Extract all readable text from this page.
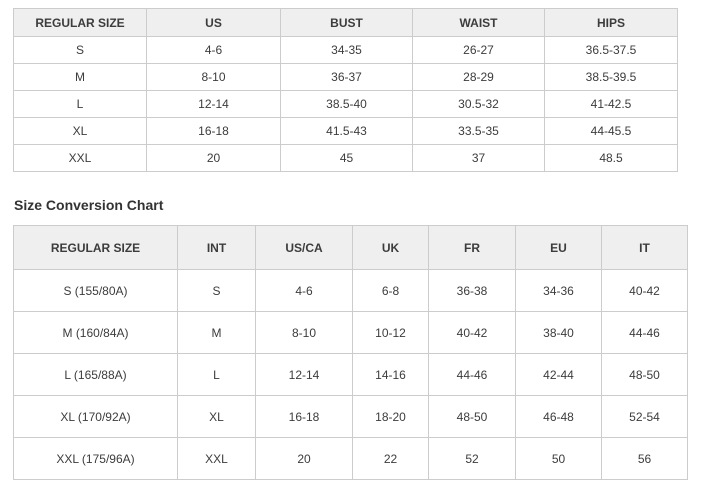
REGULAR SIZE	US	BUST	WAIST	HIPS
S	4-6	34-35	26-27	36.5-37.5
M	8-10	36-37	28-29	38.5-39.5
L	12-14	38.5-40	30.5-32	41-42.5
XL	16-18	41.5-43	33.5-35	44-45.5
XXL	20	45	37	48.5
Size Conversion Chart
REGULAR SIZE	INT	US/CA	UK	FR	EU	IT
S (155/80A)	S	4-6	6-8	36-38	34-36	40-42
M (160/84A)	M	8-10	10-12	40-42	38-40	44-46
L (165/88A)	L	12-14	14-16	44-46	42-44	48-50
XL (170/92A)	XL	16-18	18-20	48-50	46-48	52-54
XXL (175/96A)	XXL	20	22	52	50	56
